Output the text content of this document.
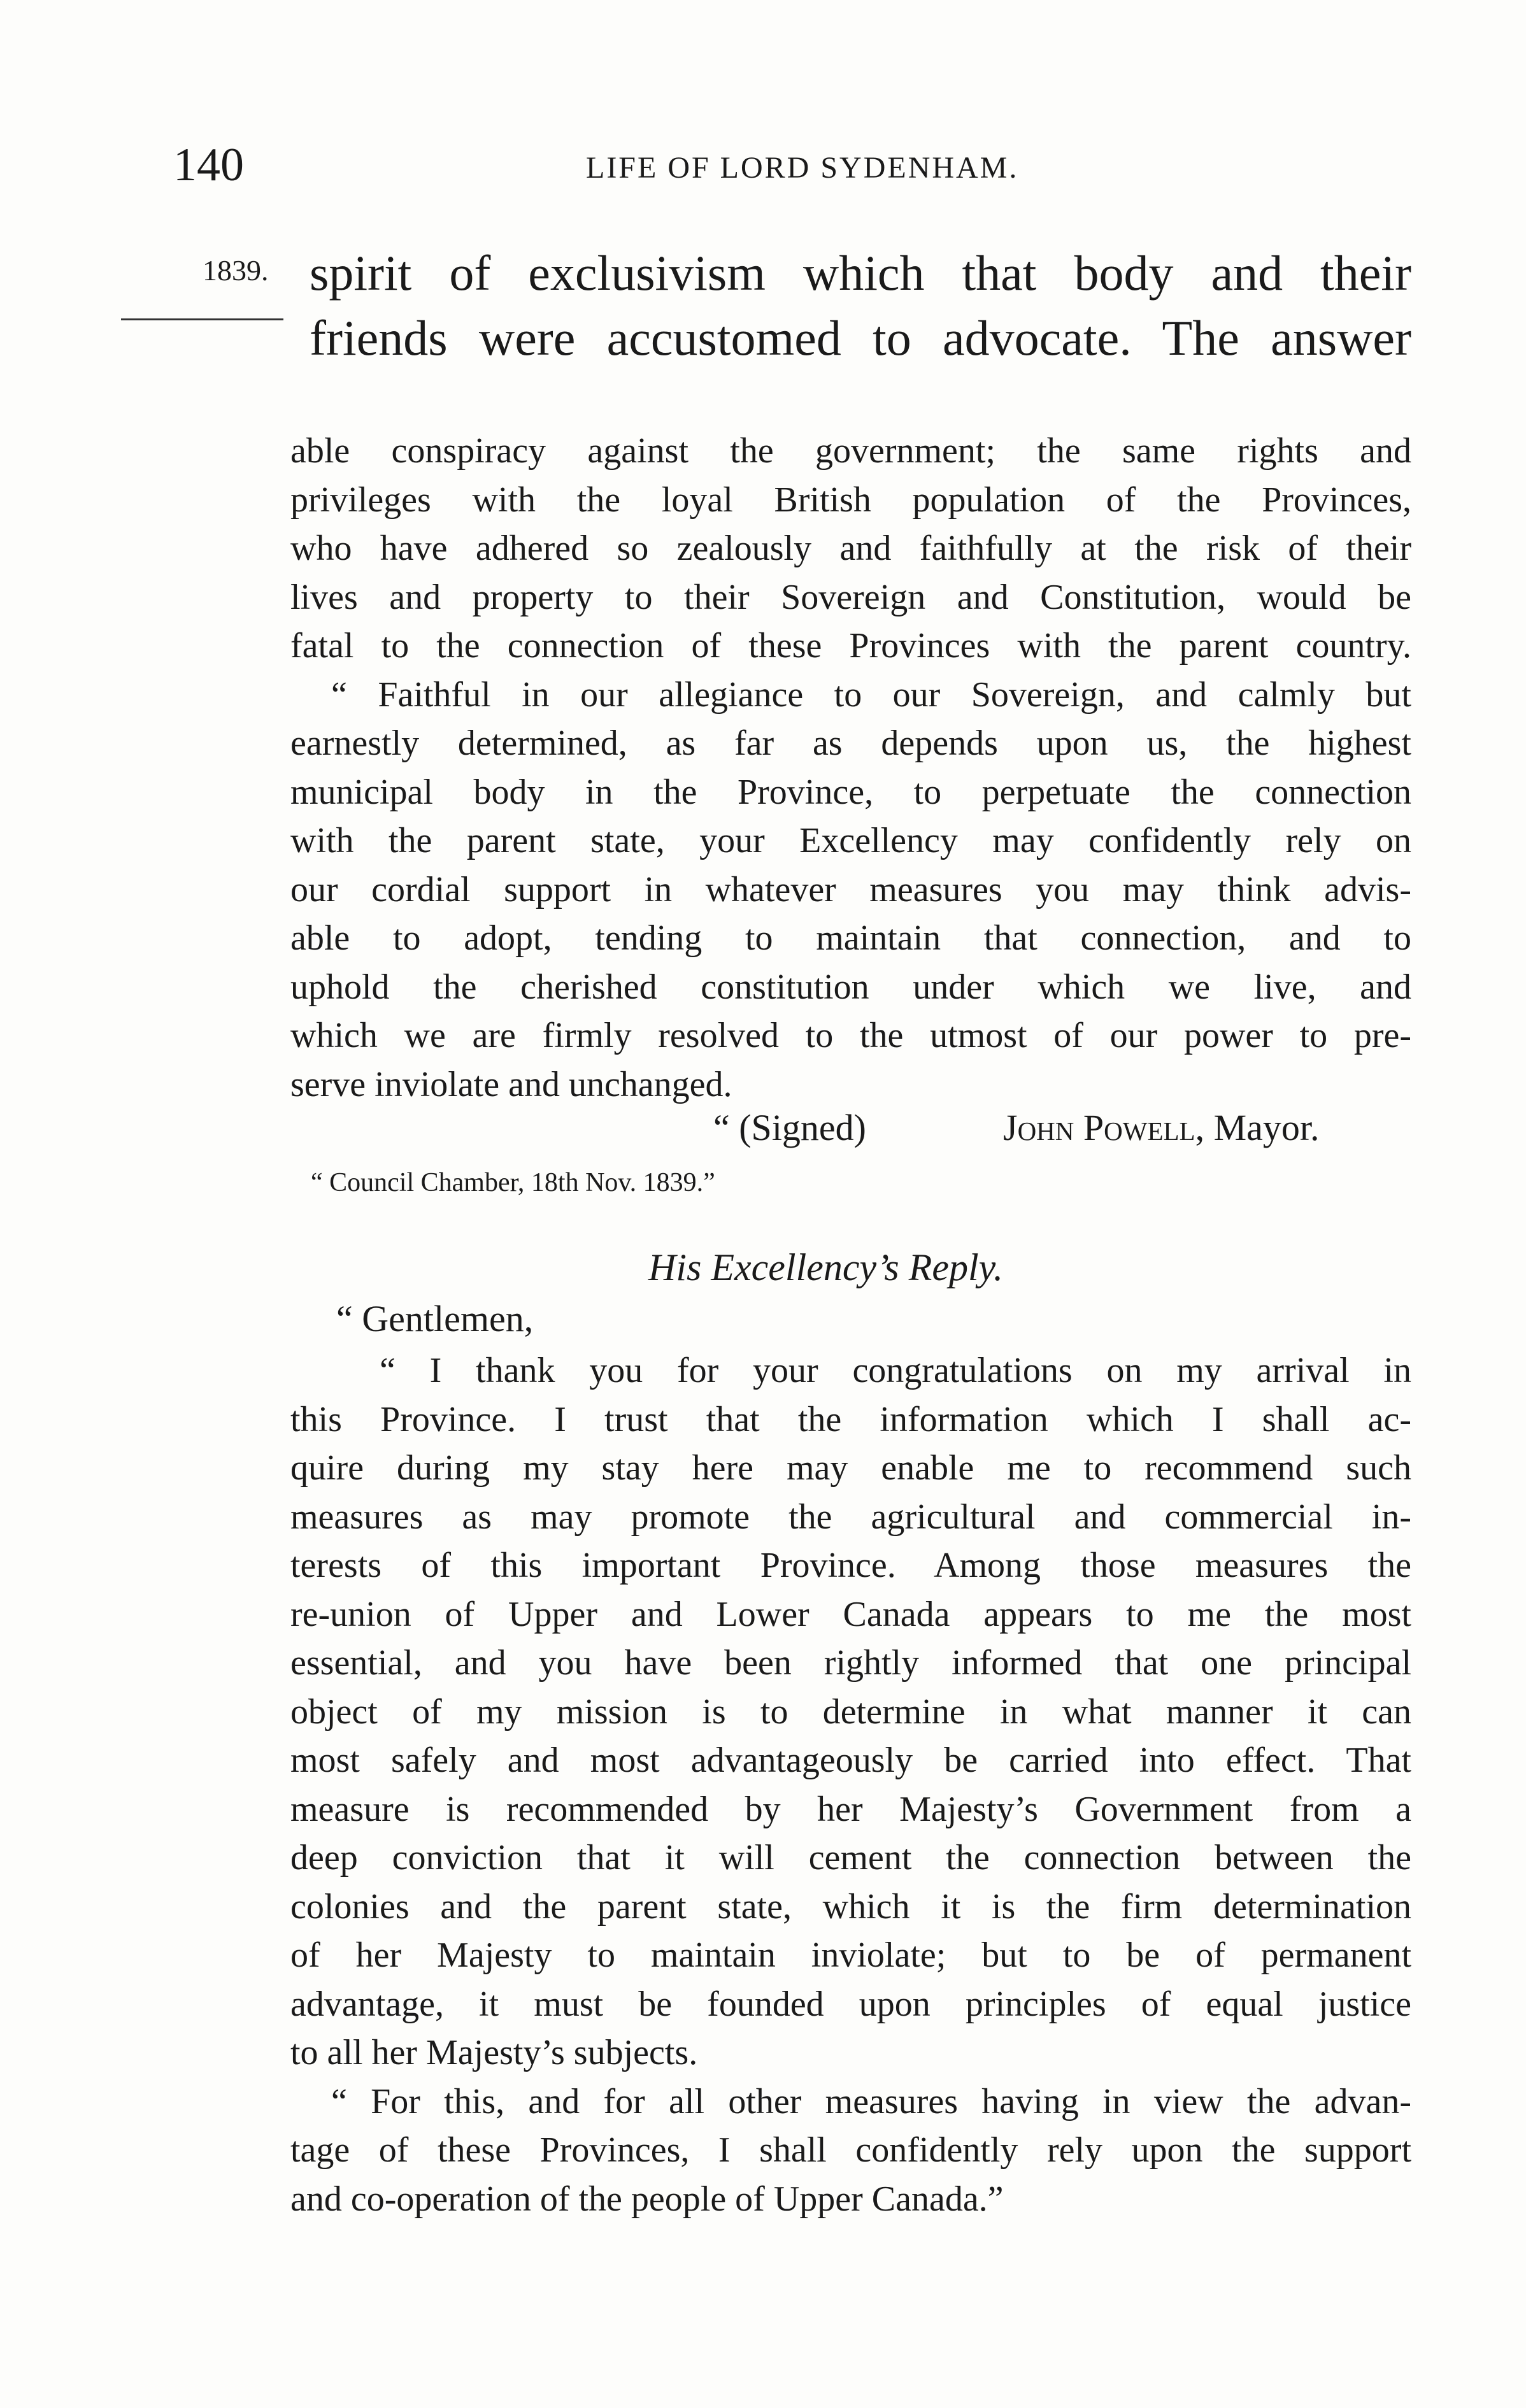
140	LIFE OF LORD SYDENHAM.
1839. spirit of exclusivism which that body and their
friends were accustomed to advocate. The answer
able conspiracy against the government; the same rights and
privileges with the loyal British population of the Provinces,
who have adhered so zealously and faithfully at the risk of their
lives and property to their Sovereign and Constitution, would be
fatal to the connection of these Provinces with the parent country.
“ Faithful in our allegiance to our Sovereign, and calmly but
earnestly determined, as far as depends upon us, the highest
municipal body in the Province, to perpetuate the connection
with the parent state, your Excellency may confidently rely on
our cordial support in whatever measures you may think advis-
able to adopt, tending to maintain that connection, and to
uphold the cherished constitution under which we live, and
which we are firmly resolved to the utmost of our power to pre-
serve inviolate and unchanged.
“ (Signed)	John Powell, Mayor.
“ Council Chamber, 18th Nov. 1839.”
His Excellency’s Reply.
“ Gentlemen,
“ I thank you for your congratulations on my arrival in
this Province. I trust that the information which I shall ac-
quire during my stay here may enable me to recommend such
measures as may promote the agricultural and commercial in-
terests of this important Province. Among those measures the
re-union of Upper and Lower Canada appears to me the most
essential, and you have been rightly informed that one principal
object of my mission is to determine in what manner it can
most safely and most advantageously be carried into effect. That
measure is recommended by her Majesty’s Government from a
deep conviction that it will cement the connection between the
colonies and the parent state, which it is the firm determination
of her Majesty to maintain inviolate; but to be of permanent
advantage, it must be founded upon principles of equal justice
to all her Majesty’s subjects.
“ For this, and for all other measures having in view the advan-
tage of these Provinces, I shall confidently rely upon the support
and co-operation of the people of Upper Canada.”
